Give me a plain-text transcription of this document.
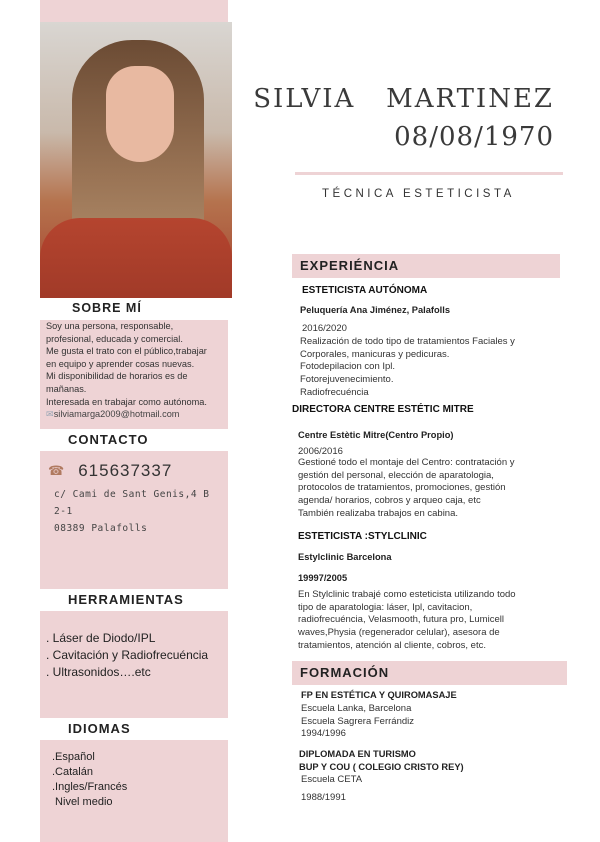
SOBRE MÍ
Soy una persona, responsable,
profesional, educada y comercial.
Me gusta el trato con el público,trabajar
en equipo y aprender cosas nuevas.
Mi disponibilidad de horarios es de
mañanas.
Interesada en trabajar como autónoma.
✉silviamarga2009@hotmail.com
CONTACTO
☎ 615637337
c/ Cami de Sant Genis,4 B
2-1
08389 Palafolls
HERRAMIENTAS
. Láser de Diodo/IPL
. Cavitación y Radiofrecuéncia
. Ultrasonidos….etc
IDIOMAS
.Español
.Catalán
.Ingles/Francés
Nivel medio
SILVIA   MARTINEZ
08/08/1970
TÉCNICA ESTETICISTA
EXPERIÉNCIA
ESTETICISTA AUTÓNOMA
Peluquería Ana Jiménez, Palafolls
2016/2020
Realización de todo tipo de tratamientos Faciales y
Corporales, manicuras y pedicuras.
Fotodepilacion con Ipl.
Fotorejuvenecimiento.
Radiofrecuéncia
DIRECTORA CENTRE ESTÉTIC MITRE
Centre Estètic Mitre(Centro Propio)
2006/2016
Gestioné todo el montaje del Centro: contratación y
gestión del personal, elección de aparatologia,
protocolos de tratamientos, promociones, gestión
agenda/ horarios, cobros y arqueo caja, etc
También realizaba trabajos en cabina.
ESTETICISTA :STYLCLINIC
Estylclinic Barcelona
19997/2005
En Stylclinic trabajé como esteticista utilizando todo
tipo de aparatologia: láser, Ipl, cavitacion,
radiofrecuéncia, Velasmooth, futura pro, Lumicell
waves,Physia (regenerador celular), asesora de
tratamientos, atención al cliente, cobros, etc.
FORMACIÓN
FP EN ESTÉTICA Y QUIROMASAJE
Escuela Lanka, Barcelona
Escuela Sagrera Ferrándiz
1994/1996
DIPLOMADA EN TURISMO
BUP Y COU ( COLEGIO CRISTO REY)
Escuela CETA
1988/1991
